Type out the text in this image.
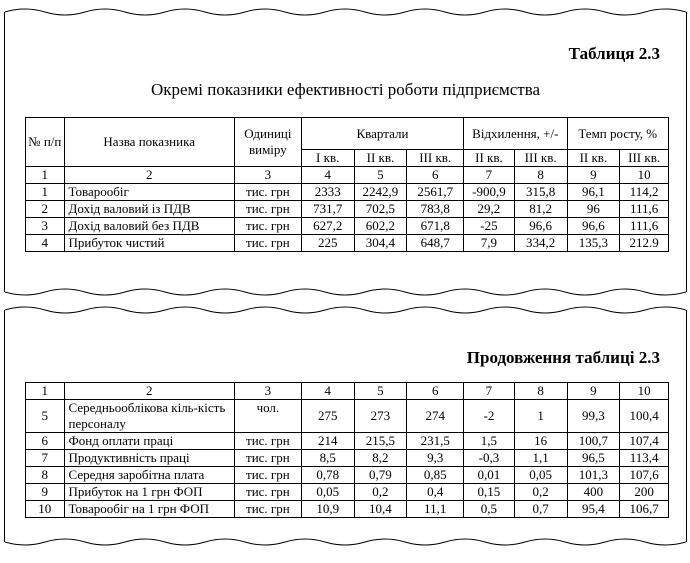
Таблиця 2.3
Окремі показники ефективності роботи підприємства
№ п/п	Назва показника	Одиниці виміру	Квартали			Відхилення, +/-		Темп росту, %	
			I кв.	II кв.	III кв.	II кв.	III кв.	II кв.	III кв.
1	2	3	4	5	6	7	8	9	10
1	Товарообіг	тис. грн	2333	2242,9	2561,7	-900,9	315,8	96,1	114,2
2	Дохід валовий із ПДВ	тис. грн	731,7	702,5	783,8	29,2	81,2	96	111,6
3	Дохід валовий без ПДВ	тис. грн	627,2	602,2	671,8	-25	96,6	96,6	111,6
4	Прибуток чистий	тис. грн	225	304,4	648,7	7,9	334,2	135,3	212.9
Продовження таблиці 2.3
1	2	3	4	5	6	7	8	9	10
5	Середньооблікова кіль-кість персоналу	чол.	275	273	274	-2	1	99,3	100,4
6	Фонд оплати праці	тис. грн	214	215,5	231,5	1,5	16	100,7	107,4
7	Продуктивність праці	тис. грн	8,5	8,2	9,3	-0,3	1,1	96,5	113,4
8	Середня заробітна плата	тис. грн	0,78	0,79	0,85	0,01	0,05	101,3	107,6
9	Прибуток на 1 грн ФОП	тис. грн	0,05	0,2	0,4	0,15	0,2	400	200
10	Товарообіг на 1 грн ФОП	тис. грн	10,9	10,4	11,1	0,5	0,7	95,4	106,7
